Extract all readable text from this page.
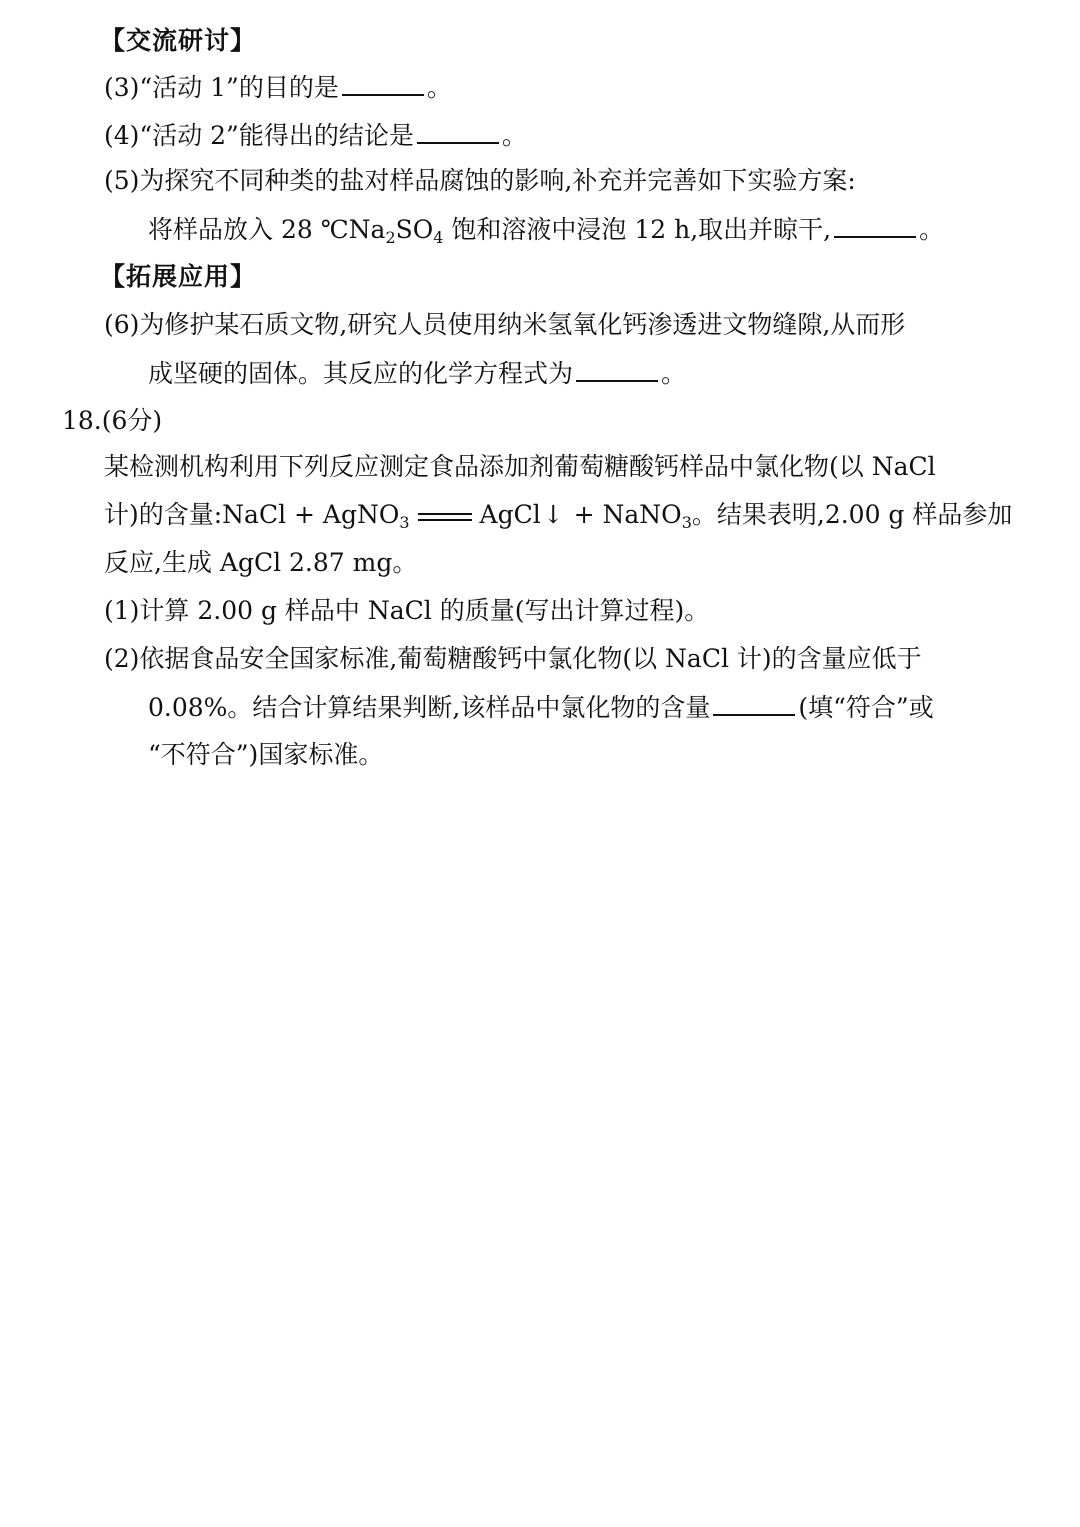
【交流研讨】
(3)“活动 1”的目的是	。
(4)“活动 2”能得出的结论是	。
(5)为探究不同种类的盐对样品腐蚀的影响,补充并完善如下实验方案:
将样品放入 28 $℃Na_2SO_4$ 饱和溶液中浸泡 12 h,取出并晾干,	。
【拓展应用】
(6)为修护某石质文物,研究人员使用纳米氢氧化钙渗透进文物缝隙,从而形
成坚硬的固体。其反应的化学方程式为	。
18.(6分)
某检测机构利用下列反应测定食品添加剂葡萄糖酸钙样品中氯化物(以 NaCl
计)的含量:NaCl + AgNO$_3$	AgCl↓ + NaNO$_3$。结果表明,2.00 g 样品参加
反应,生成 AgCl 2.87 mg。
(1)计算 2.00 g 样品中 NaCl 的质量(写出计算过程)。
(2)依据食品安全国家标准,葡萄糖酸钙中氯化物(以 NaCl 计)的含量应低于
0.08%。结合计算结果判断,该样品中氯化物的含量	(填“符合”或
“不符合”)国家标准。
